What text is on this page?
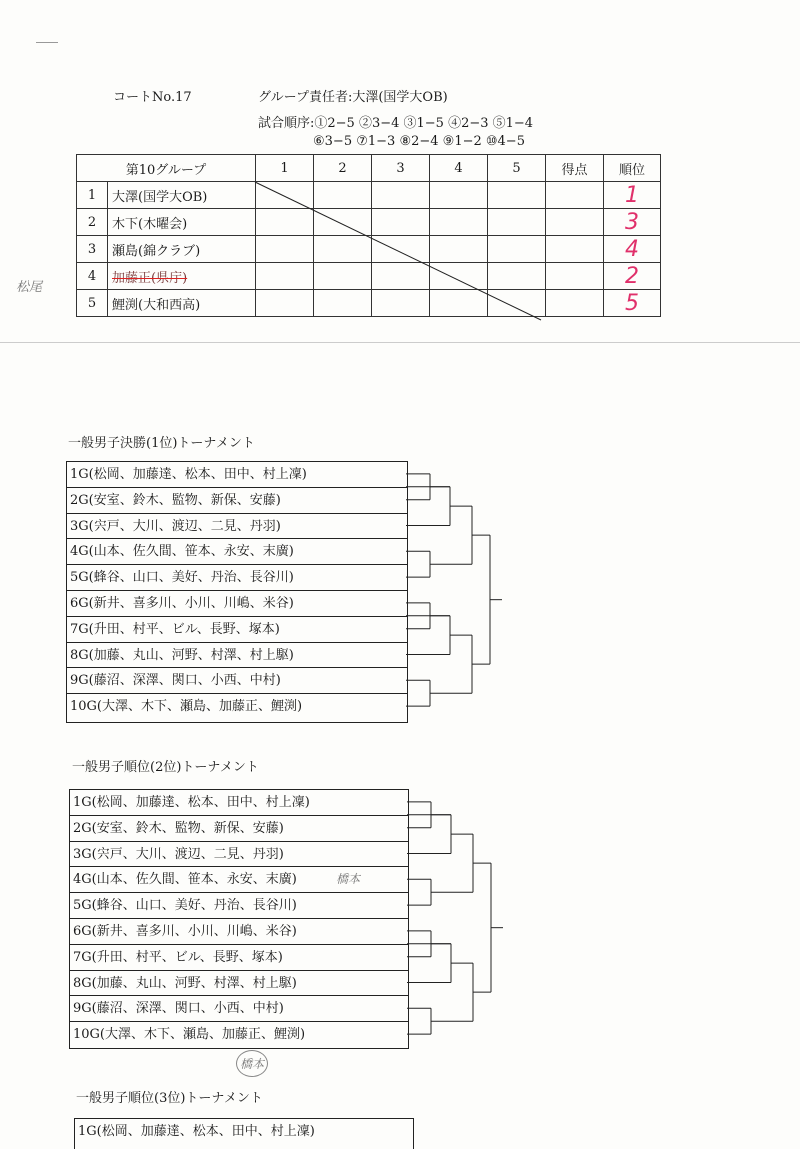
コートNo.17	グループ責任者:大澤(国学大OB)
試合順序:①2−5 ②3−4 ③1−5 ④2−3 ⑤1−4
⑥3−5 ⑦1−3 ⑧2−4 ⑨1−2 ⑩4−5
松尾
第10グループ		1	2	3	4	5	得点	順位
1	大澤(国学大OB)							1
2	木下(木曜会)							3
3	瀬島(錦クラブ)							4
4	加藤正(県庁)							2
5	鯉渕(大和西高)							5
一般男子決勝(1位)トーナメント
1G(松岡、加藤達、松本、田中、村上凜)
2G(安室、鈴木、監物、新保、安藤)
3G(宍戸、大川、渡辺、二見、丹羽)
4G(山本、佐久間、笹本、永安、末廣)
5G(蜂谷、山口、美好、丹治、長谷川)
6G(新井、喜多川、小川、川嶋、米谷)
7G(升田、村平、ビル、長野、塚本)
8G(加藤、丸山、河野、村澤、村上駆)
9G(藤沼、深澤、関口、小西、中村)
10G(大澤、木下、瀬島、加藤正、鯉渕)
一般男子順位(2位)トーナメント
1G(松岡、加藤達、松本、田中、村上凜)
2G(安室、鈴木、監物、新保、安藤)
3G(宍戸、大川、渡辺、二見、丹羽)
4G(山本、佐久間、笹本、永安、末廣)
5G(蜂谷、山口、美好、丹治、長谷川)
6G(新井、喜多川、小川、川嶋、米谷)
7G(升田、村平、ビル、長野、塚本)
8G(加藤、丸山、河野、村澤、村上駆)
9G(藤沼、深澤、関口、小西、中村)
10G(大澤、木下、瀬島、加藤正、鯉渕)
橋本
橋本
一般男子順位(3位)トーナメント
1G(松岡、加藤達、松本、田中、村上凜)
